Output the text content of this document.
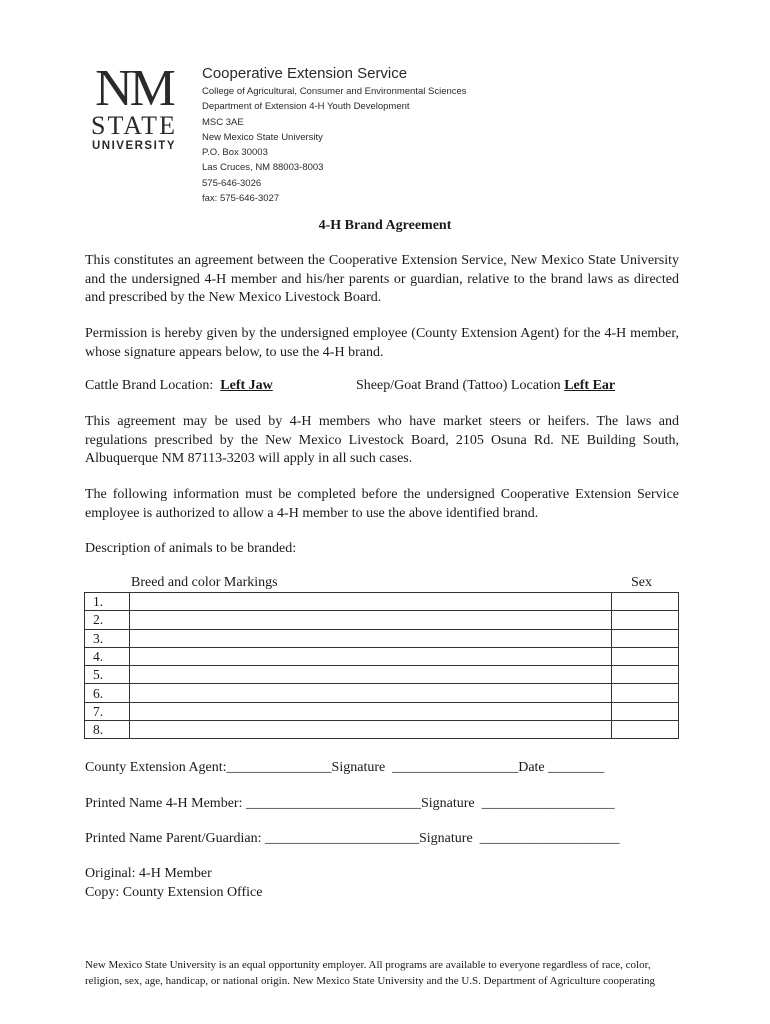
NM
STATE
UNIVERSITY
Cooperative Extension Service
College of Agricultural, Consumer and Environmental Sciences
Department of Extension 4-H Youth Development
MSC 3AE
New Mexico State University
P.O. Box 30003
Las Cruces, NM 88003-8003
575-646-3026
fax: 575-646-3027
4-H Brand Agreement
This constitutes an agreement between the Cooperative Extension Service, New Mexico State University and the undersigned 4-H member and his/her parents or guardian, relative to the brand laws as directed and prescribed by the New Mexico Livestock Board.
Permission is hereby given by the undersigned employee (County Extension Agent) for the 4-H member, whose signature appears below, to use the 4-H brand.
Cattle Brand Location: Left Jaw	Sheep/Goat Brand (Tattoo) Location Left Ear
This agreement may be used by 4-H members who have market steers or heifers. The laws and regulations prescribed by the New Mexico Livestock Board, 2105 Osuna Rd. NE Building South, Albuquerque NM 87113-3203 will apply in all such cases.
The following information must be completed before the undersigned Cooperative Extension Service employee is authorized to allow a 4-H member to use the above identified brand.
Description of animals to be branded:
Breed and color Markings	Sex
1.		
2.		
3.		
4.		
5.		
6.		
7.		
8.		
County Extension Agent:_______________Signature  __________________Date ________
Printed Name 4-H Member: _________________________Signature  ___________________
Printed Name Parent/Guardian: ______________________Signature  ____________________
Original: 4-H Member
Copy: County Extension Office
New Mexico State University is an equal opportunity employer. All programs are available to everyone regardless of race, color, religion, sex, age, handicap, or national origin. New Mexico State University and the U.S. Department of Agriculture cooperating
